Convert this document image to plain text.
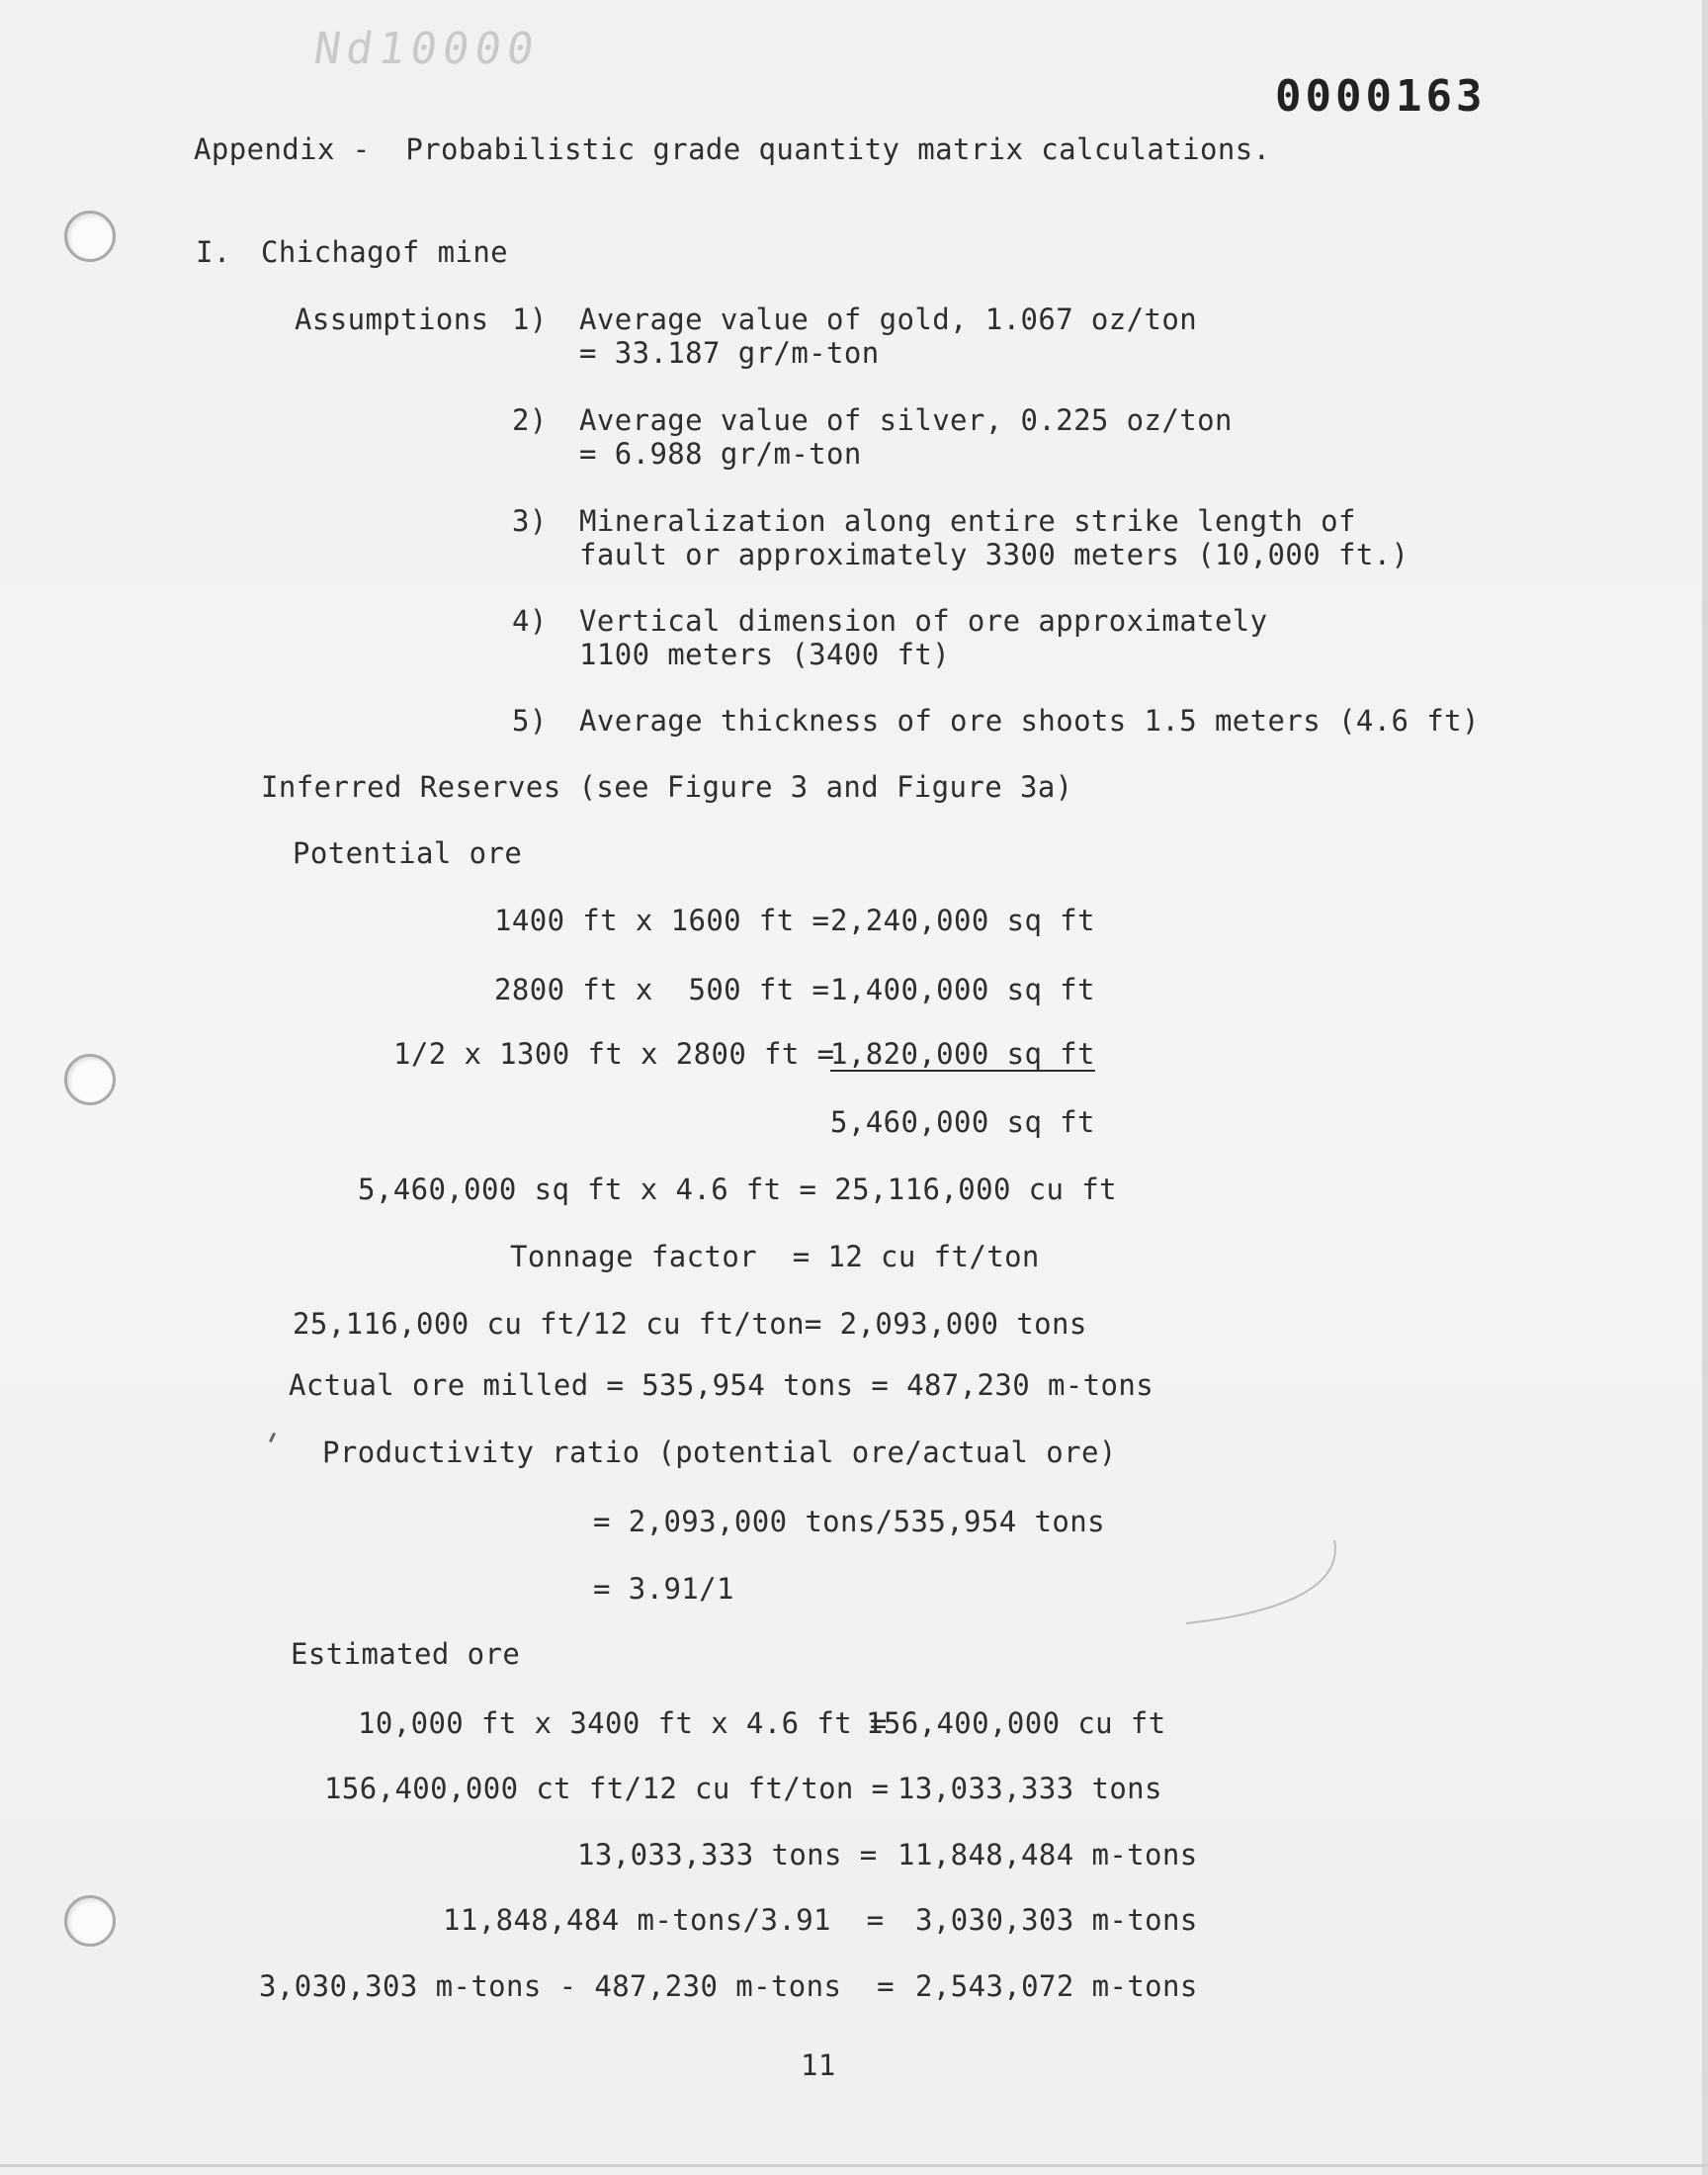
Nd10000
0000163
Appendix -  Probabilistic grade quantity matrix calculations.
I. Chichagof mine
Assumptions 1) Average value of gold, 1.067 oz/ton
= 33.187 gr/m-ton
2) Average value of silver, 0.225 oz/ton
= 6.988 gr/m-ton
3) Mineralization along entire strike length of
fault or approximately 3300 meters (10,000 ft.)
4) Vertical dimension of ore approximately
1100 meters (3400 ft)
5) Average thickness of ore shoots 1.5 meters (4.6 ft)
Inferred Reserves (see Figure 3 and Figure 3a)
Potential ore
1400 ft x 1600 ft = 2,240,000 sq ft
2800 ft x  500 ft = 1,400,000 sq ft
1/2 x 1300 ft x 2800 ft =
1,820,000 sq ft
5,460,000 sq ft
5,460,000 sq ft x 4.6 ft = 25,116,000 cu ft
Tonnage factor  = 12 cu ft/ton
25,116,000 cu ft/12 cu ft/ton= 2,093,000 tons
Actual ore milled = 535,954 tons = 487,230 m-tons
Productivity ratio (potential ore/actual ore)
= 2,093,000 tons/535,954 tons
= 3.91/1
Estimated ore
10,000 ft x 3400 ft x 4.6 ft =
156,400,000 cu ft
156,400,000 ct ft/12 cu ft/ton = 13,033,333 tons
13,033,333 tons = 11,848,484 m-tons
11,848,484 m-tons/3.91  = 3,030,303 m-tons
3,030,303 m-tons - 487,230 m-tons  = 2,543,072 m-tons
11
